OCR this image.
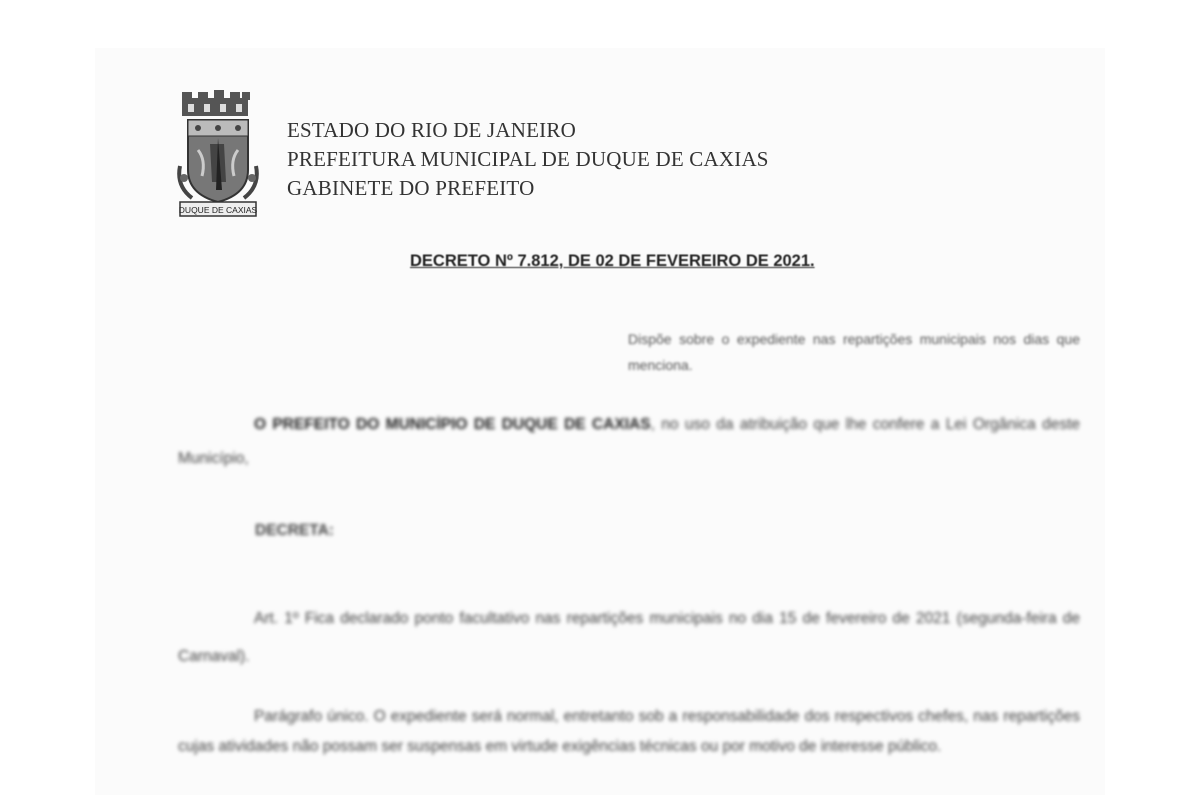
DUQUE DE CAXIAS
ESTADO DO RIO DE JANEIRO
PREFEITURA MUNICIPAL DE DUQUE DE CAXIAS
GABINETE DO PREFEITO
DECRETO Nº 7.812, DE 02 DE FEVEREIRO DE 2021.
Dispõe sobre o expediente nas repartições municipais nos dias que menciona.
O PREFEITO DO MUNICÍPIO DE DUQUE DE CAXIAS, no uso da atribuição que lhe confere a Lei Orgânica deste Município,
DECRETA:
Art. 1º Fica declarado ponto facultativo nas repartições municipais no dia 15 de fevereiro de 2021 (segunda-feira de Carnaval).
Parágrafo único. O expediente será normal, entretanto sob a responsabilidade dos respectivos chefes, nas repartições cujas atividades não possam ser suspensas em virtude exigências técnicas ou por motivo de interesse público.
